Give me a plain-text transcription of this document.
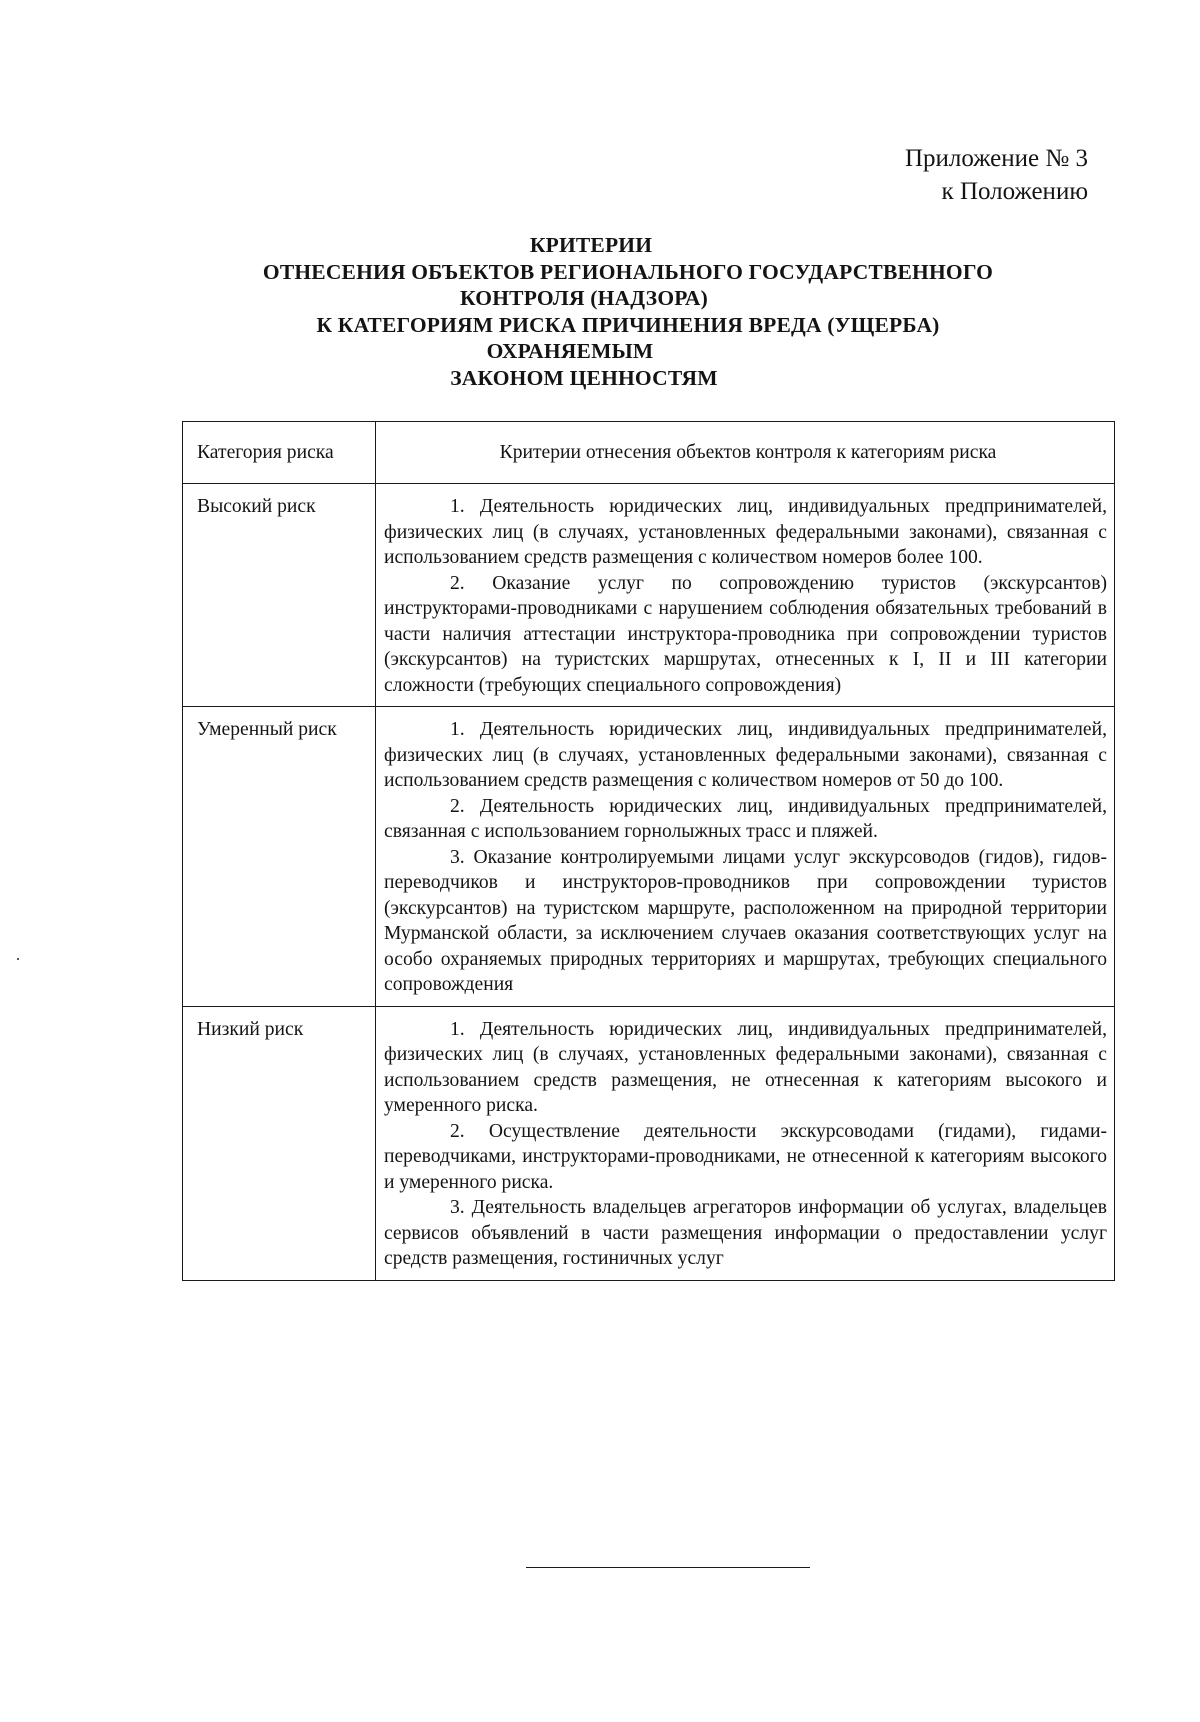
Приложение № 3
к Положению
КРИТЕРИИ
ОТНЕСЕНИЯ ОБЪЕКТОВ РЕГИОНАЛЬНОГО ГОСУДАРСТВЕННОГО
КОНТРОЛЯ (НАДЗОРА)
К КАТЕГОРИЯМ РИСКА ПРИЧИНЕНИЯ ВРЕДА (УЩЕРБА)
ОХРАНЯЕМЫМ
ЗАКОНОМ ЦЕННОСТЯМ
Категория риска	Критерии отнесения объектов контроля к категориям риска
Высокий риск	1. Деятельность юридических лиц, индивидуальных предпринимателей, физических лиц (в случаях, установленных федеральными законами), связанная с использованием средств размещения с количеством номеров более 100.

2. Оказание услуг по сопровождению туристов (экскурсантов) инструкторами-проводниками с нарушением соблюдения обязательных требований в части наличия аттестации инструктора-проводника при сопровождении туристов (экскурсантов) на туристских маршрутах, отнесенных к I, II и III категории сложности (требующих специального сопровождения)

Умеренный риск	1. Деятельность юридических лиц, индивидуальных предпринимателей, физических лиц (в случаях, установленных федеральными законами), связанная с использованием средств размещения с количеством номеров от 50 до 100.

2. Деятельность юридических лиц, индивидуальных предпринимателей, связанная с использованием горнолыжных трасс и пляжей.

3. Оказание контролируемыми лицами услуг экскурсоводов (гидов), гидов-переводчиков и инструкторов-проводников при сопровождении туристов (экскурсантов) на туристском маршруте, расположенном на природной территории Мурманской области, за исключением случаев оказания соответствующих услуг на особо охраняемых природных территориях и маршрутах, требующих специального сопровождения

Низкий риск	1. Деятельность юридических лиц, индивидуальных предпринимателей, физических лиц (в случаях, установленных федеральными законами), связанная с использованием средств размещения, не отнесенная к категориям высокого и умеренного риска.

2. Осуществление деятельности экскурсоводами (гидами), гидами-переводчиками, инструкторами-проводниками, не отнесенной к категориям высокого и умеренного риска.

3. Деятельность владельцев агрегаторов информации об услугах, владельцев сервисов объявлений в части размещения информации о предоставлении услуг средств размещения, гостиничных услуг
